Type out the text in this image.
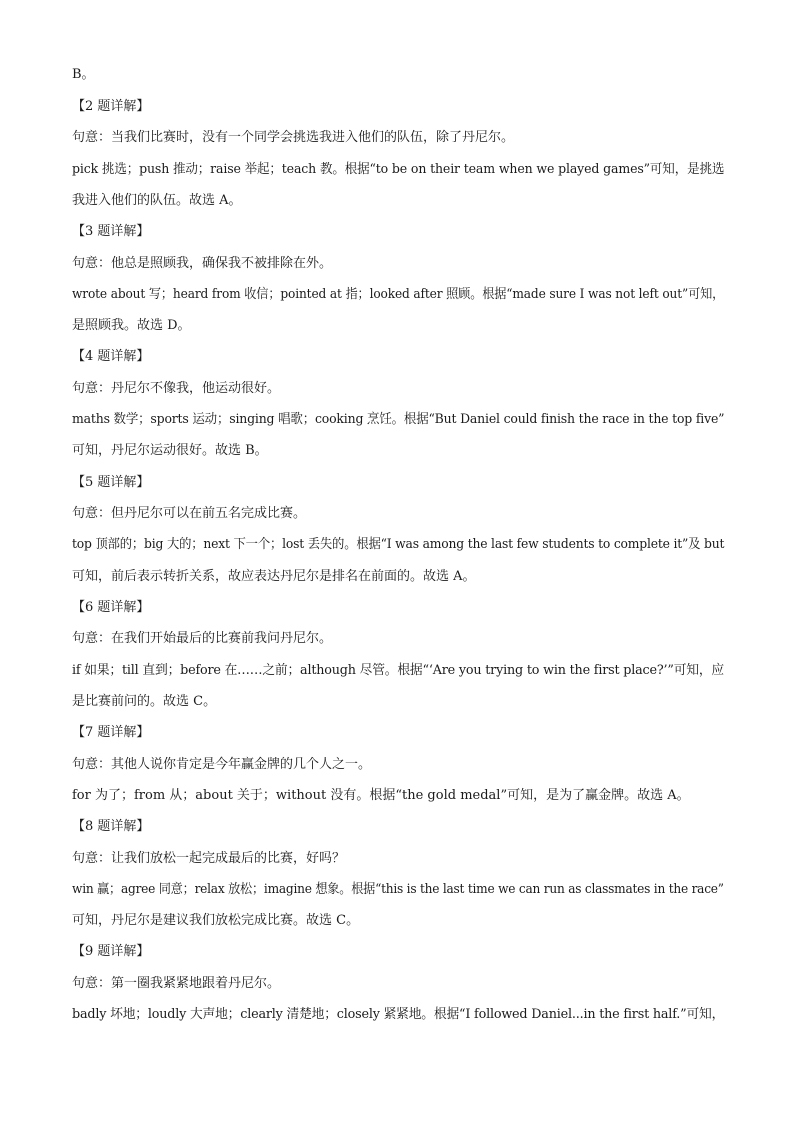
B。
【2 题详解】
句意：当我们比赛时，没有一个同学会挑选我进入他们的队伍，除了丹尼尔。
pick 挑选；push 推动；raise 举起；teach 教。根据“to be on their team when we played games”可知，是挑选
我进入他们的队伍。故选 A。
【3 题详解】
句意：他总是照顾我，确保我不被排除在外。
wrote about 写；heard from 收信；pointed at 指；looked after 照顾。根据“made sure I was not left out”可知，
是照顾我。故选 D。
【4 题详解】
句意：丹尼尔不像我，他运动很好。
maths 数学；sports 运动；singing 唱歌；cooking 烹饪。根据“But Daniel could finish the race in the top five”
可知，丹尼尔运动很好。故选 B。
【5 题详解】
句意：但丹尼尔可以在前五名完成比赛。
top 顶部的；big 大的；next 下一个；lost 丢失的。根据“I was among the last few students to complete it”及 but
可知，前后表示转折关系，故应表达丹尼尔是排名在前面的。故选 A。
【6 题详解】
句意：在我们开始最后的比赛前我问丹尼尔。
if 如果；till 直到；before 在……之前；although 尽管。根据“‘Are you trying to win the first place?’”可知，应
是比赛前问的。故选 C。
【7 题详解】
句意：其他人说你肯定是今年赢金牌的几个人之一。
for 为了；from 从；about 关于；without 没有。根据“the gold medal”可知，是为了赢金牌。故选 A。
【8 题详解】
句意：让我们放松一起完成最后的比赛，好吗？
win 赢；agree 同意；relax 放松；imagine 想象。根据“this is the last time we can run as classmates in the race”
可知，丹尼尔是建议我们放松完成比赛。故选 C。
【9 题详解】
句意：第一圈我紧紧地跟着丹尼尔。
badly 坏地；loudly 大声地；clearly 清楚地；closely 紧紧地。根据“I followed Daniel...in the first half.”可知，
